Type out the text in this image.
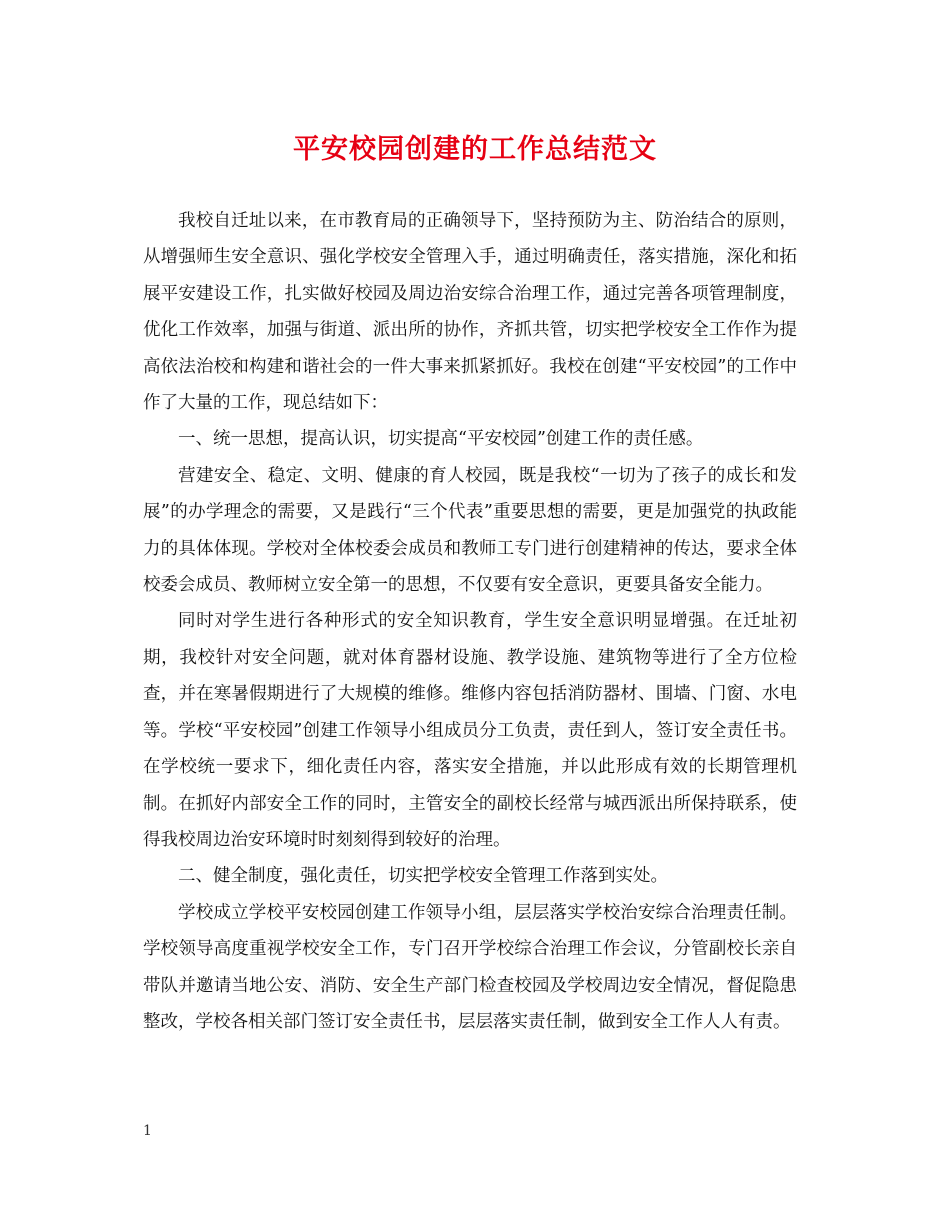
平安校园创建的工作总结范文

我校自迁址以来，在市教育局的正确领导下，坚持预防为主、防治结合的原则，从增强师生安全意识、强化学校安全管理入手，通过明确责任，落实措施，深化和拓展平安建设工作，扎实做好校园及周边治安综合治理工作，通过完善各项管理制度，优化工作效率，加强与街道、派出所的协作，齐抓共管，切实把学校安全工作作为提高依法治校和构建和谐社会的一件大事来抓紧抓好。我校在创建“平安校园”的工作中作了大量的工作，现总结如下：

一、统一思想，提高认识，切实提高“平安校园”创建工作的责任感。

营建安全、稳定、文明、健康的育人校园，既是我校“一切为了孩子的成长和发展”的办学理念的需要，又是践行“三个代表”重要思想的需要，更是加强党的执政能力的具体体现。学校对全体校委会成员和教师工专门进行创建精神的传达，要求全体校委会成员、教师树立安全第一的思想，不仅要有安全意识，更要具备安全能力。

同时对学生进行各种形式的安全知识教育，学生安全意识明显增强。在迁址初期，我校针对安全问题，就对体育器材设施、教学设施、建筑物等进行了全方位检查，并在寒暑假期进行了大规模的维修。维修内容包括消防器材、围墙、门窗、水电等。学校“平安校园”创建工作领导小组成员分工负责，责任到人，签订安全责任书。在学校统一要求下，细化责任内容，落实安全措施，并以此形成有效的长期管理机制。在抓好内部安全工作的同时，主管安全的副校长经常与城西派出所保持联系，使得我校周边治安环境时时刻刻得到较好的治理。

二、健全制度，强化责任，切实把学校安全管理工作落到实处。

学校成立学校平安校园创建工作领导小组，层层落实学校治安综合治理责任制。学校领导高度重视学校安全工作，专门召开学校综合治理工作会议，分管副校长亲自带队并邀请当地公安、消防、安全生产部门检查校园及学校周边安全情况，督促隐患整改，学校各相关部门签订安全责任书，层层落实责任制，做到安全工作人人有责。

1
